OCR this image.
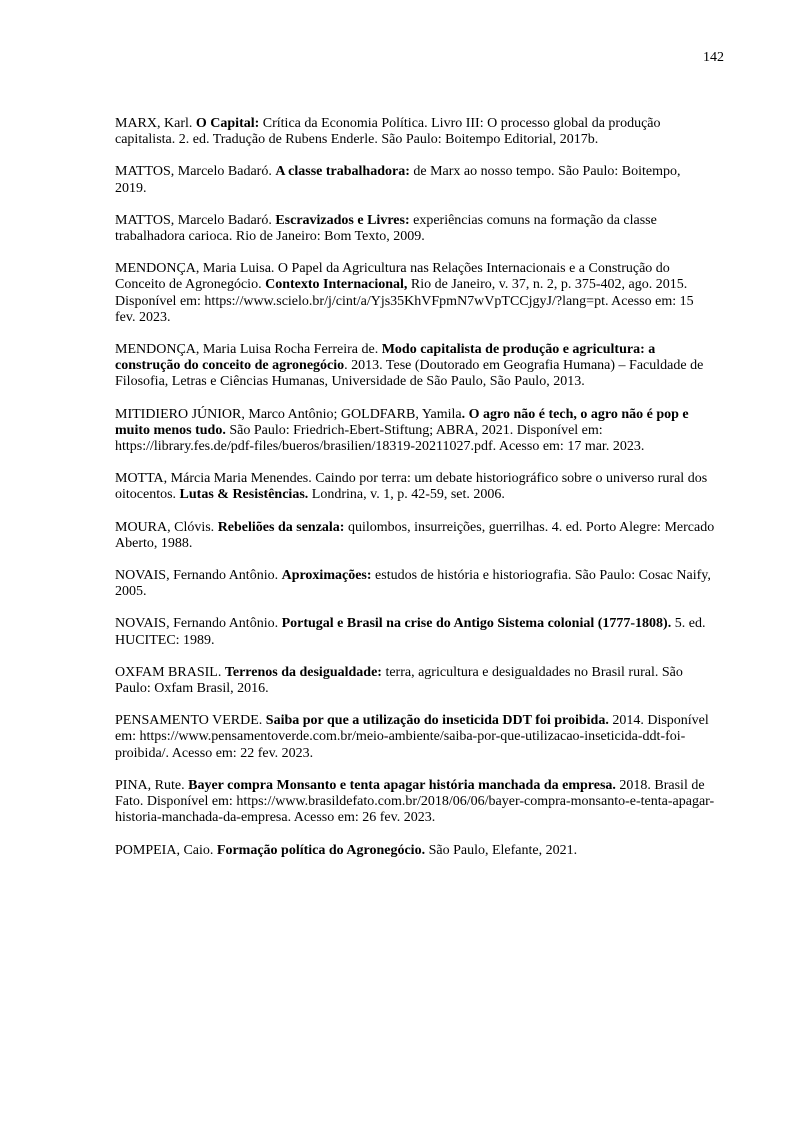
142

MARX, Karl. O Capital: Crítica da Economia Política. Livro III: O processo global da produção capitalista. 2. ed. Tradução de Rubens Enderle. São Paulo: Boitempo Editorial, 2017b.

MATTOS, Marcelo Badaró. A classe trabalhadora: de Marx ao nosso tempo. São Paulo: Boitempo, 2019.

MATTOS, Marcelo Badaró. Escravizados e Livres: experiências comuns na formação da classe trabalhadora carioca. Rio de Janeiro: Bom Texto, 2009.

MENDONÇA, Maria Luisa. O Papel da Agricultura nas Relações Internacionais e a Construção do Conceito de Agronegócio. Contexto Internacional, Rio de Janeiro, v. 37, n. 2, p. 375-402, ago. 2015. Disponível em: https://www.scielo.br/j/cint/a/Yjs35KhVFpmN7wVpTCCjgyJ/?lang=pt. Acesso em: 15 fev. 2023.

MENDONÇA, Maria Luisa Rocha Ferreira de. Modo capitalista de produção e agricultura: a construção do conceito de agronegócio. 2013. Tese (Doutorado em Geografia Humana) – Faculdade de Filosofia, Letras e Ciências Humanas, Universidade de São Paulo, São Paulo, 2013.

MITIDIERO JÚNIOR, Marco Antônio; GOLDFARB, Yamila. O agro não é tech, o agro não é pop e muito menos tudo. São Paulo: Friedrich-Ebert-Stiftung; ABRA, 2021. Disponível em: https://library.fes.de/pdf-files/bueros/brasilien/18319-20211027.pdf. Acesso em: 17 mar. 2023.

MOTTA, Márcia Maria Menendes. Caindo por terra: um debate historiográfico sobre o universo rural dos oitocentos. Lutas & Resistências. Londrina, v. 1, p. 42-59, set. 2006.

MOURA, Clóvis. Rebeliões da senzala: quilombos, insurreições, guerrilhas. 4. ed. Porto Alegre: Mercado Aberto, 1988.

NOVAIS, Fernando Antônio. Aproximações: estudos de história e historiografia. São Paulo: Cosac Naify, 2005.

NOVAIS, Fernando Antônio. Portugal e Brasil na crise do Antigo Sistema colonial (1777-1808). 5. ed. HUCITEC: 1989.

OXFAM BRASIL. Terrenos da desigualdade: terra, agricultura e desigualdades no Brasil rural. São Paulo: Oxfam Brasil, 2016.

PENSAMENTO VERDE. Saiba por que a utilização do inseticida DDT foi proibida. 2014. Disponível em: https://www.pensamentoverde.com.br/meio-ambiente/saiba-por-que-utilizacao-inseticida-ddt-foi-proibida/. Acesso em: 22 fev. 2023.

PINA, Rute. Bayer compra Monsanto e tenta apagar história manchada da empresa. 2018. Brasil de Fato. Disponível em: https://www.brasildefato.com.br/2018/06/06/bayer-compra-monsanto-e-tenta-apagar-historia-manchada-da-empresa. Acesso em: 26 fev. 2023.

POMPEIA, Caio. Formação política do Agronegócio. São Paulo, Elefante, 2021.
